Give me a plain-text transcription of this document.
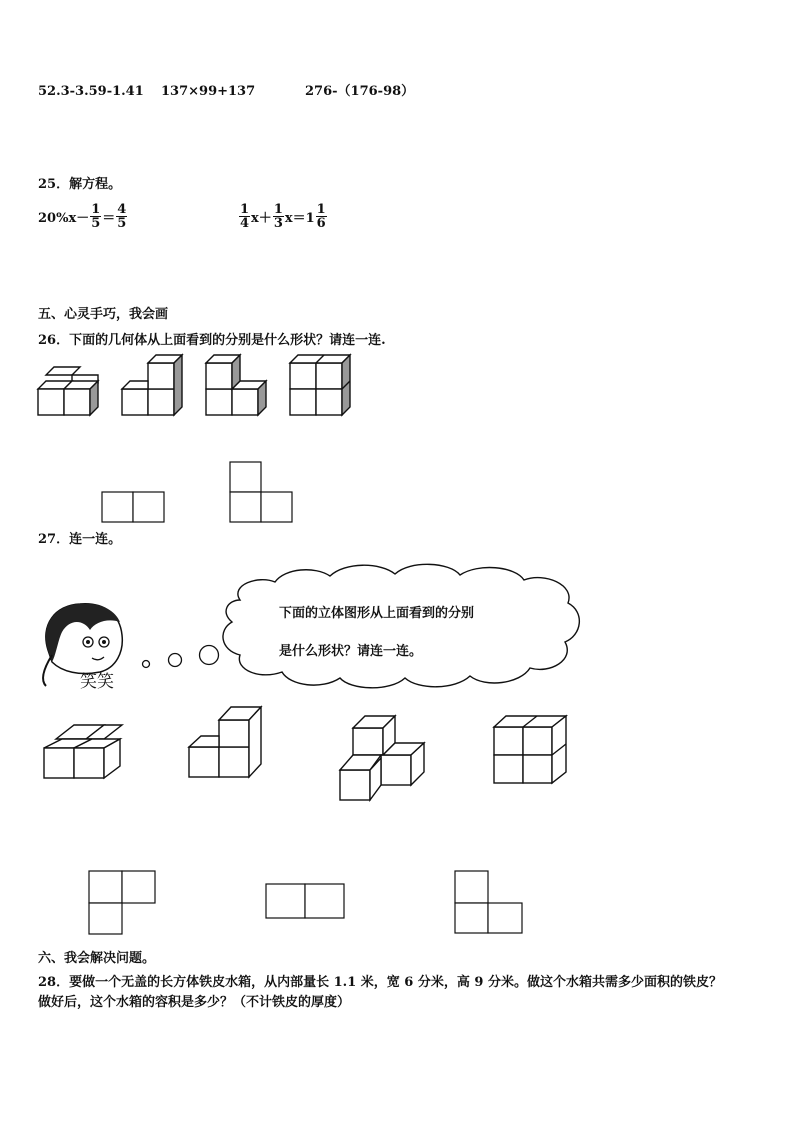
52.3-3.59-1.41 137×99+137	276-（176-98）
25．解方程。
$20\%x- \frac{1}{5} = \frac{4}{5}$	$\frac{1}{4} x+ \frac{1}{3} x=1 \frac{1}{6}$
五、心灵手巧，我会画
26．下面的几何体从上面看到的分别是什么形状？请连一连.
27．连一连。
下面的立体图形从上面看到的分别
是什么形状？请连一连。
笑笑
六、我会解决问题。
28．要做一个无盖的长方体铁皮水箱，从内部量长 1.1 米，宽 6 分米，高 9 分米。做这个水箱共需多少面积的铁皮？
做好后，这个水箱的容积是多少？（不计铁皮的厚度）
